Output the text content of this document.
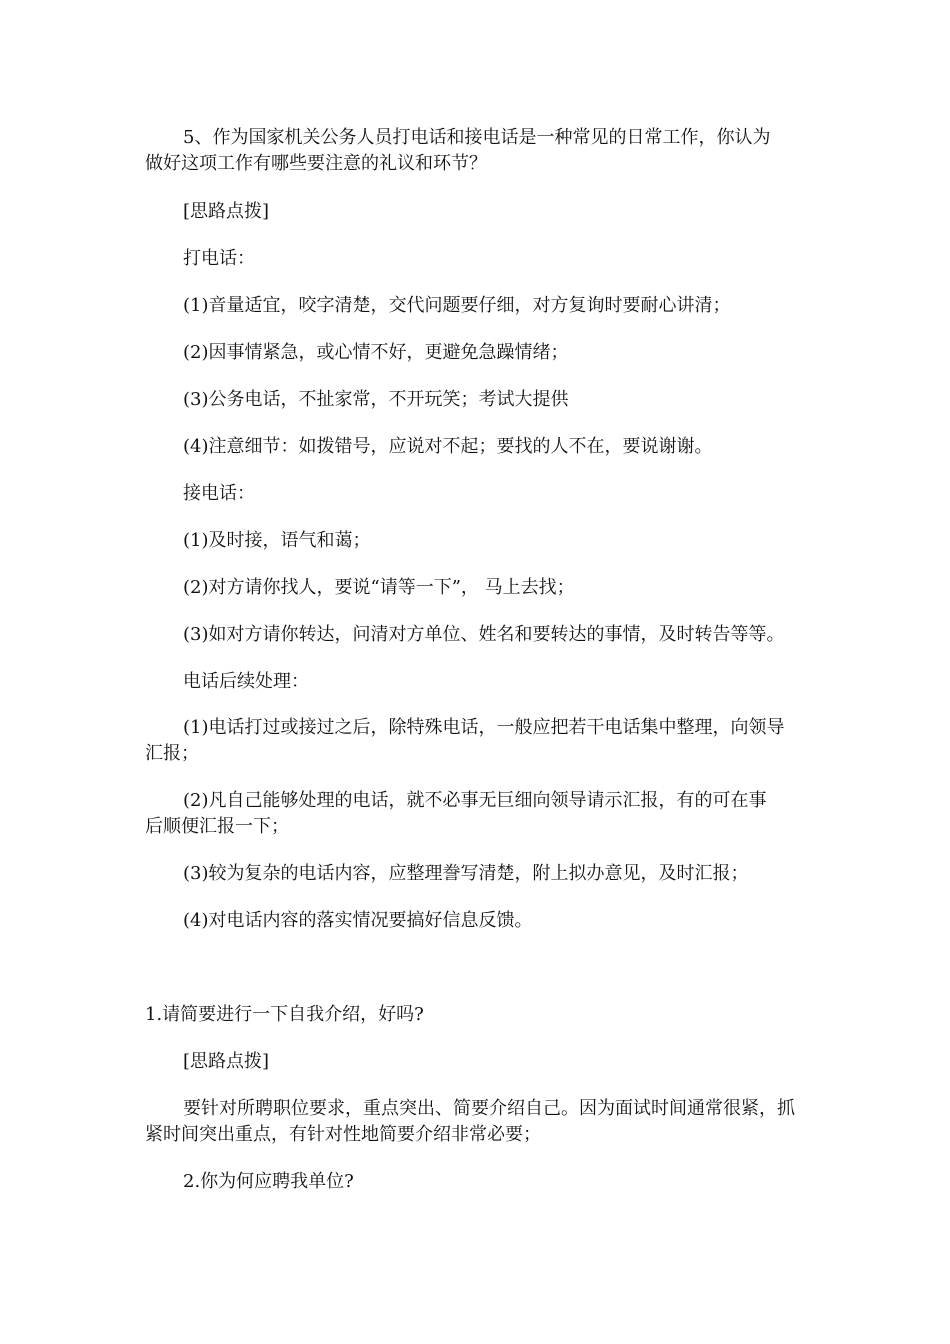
5、作为国家机关公务人员打电话和接电话是一种常见的日常工作，你认为
做好这项工作有哪些要注意的礼议和环节？

[思路点拨]

打电话：

(1)音量适宜，咬字清楚，交代问题要仔细，对方复询时要耐心讲清；

(2)因事情紧急，或心情不好，更避免急躁情绪；

(3)公务电话，不扯家常，不开玩笑；考试大提供

(4)注意细节：如拨错号，应说对不起；要找的人不在，要说谢谢。

接电话：

(1)及时接，语气和蔼；

(2)对方请你找人，要说“请等一下”， 马上去找；

(3)如对方请你转达，问清对方单位、姓名和要转达的事情，及时转告等等。

电话后续处理：

(1)电话打过或接过之后，除特殊电话，一般应把若干电话集中整理，向领导
汇报；
(2)凡自己能够处理的电话，就不必事无巨细向领导请示汇报，有的可在事
后顺便汇报一下；

(3)较为复杂的电话内容，应整理誊写清楚，附上拟办意见，及时汇报；

(4)对电话内容的落实情况要搞好信息反馈。

1.请简要进行一下自我介绍，好吗?

[思路点拨]

要针对所聘职位要求，重点突出、简要介绍自己。因为面试时间通常很紧，抓
紧时间突出重点，有针对性地简要介绍非常必要；

2.你为何应聘我单位?
